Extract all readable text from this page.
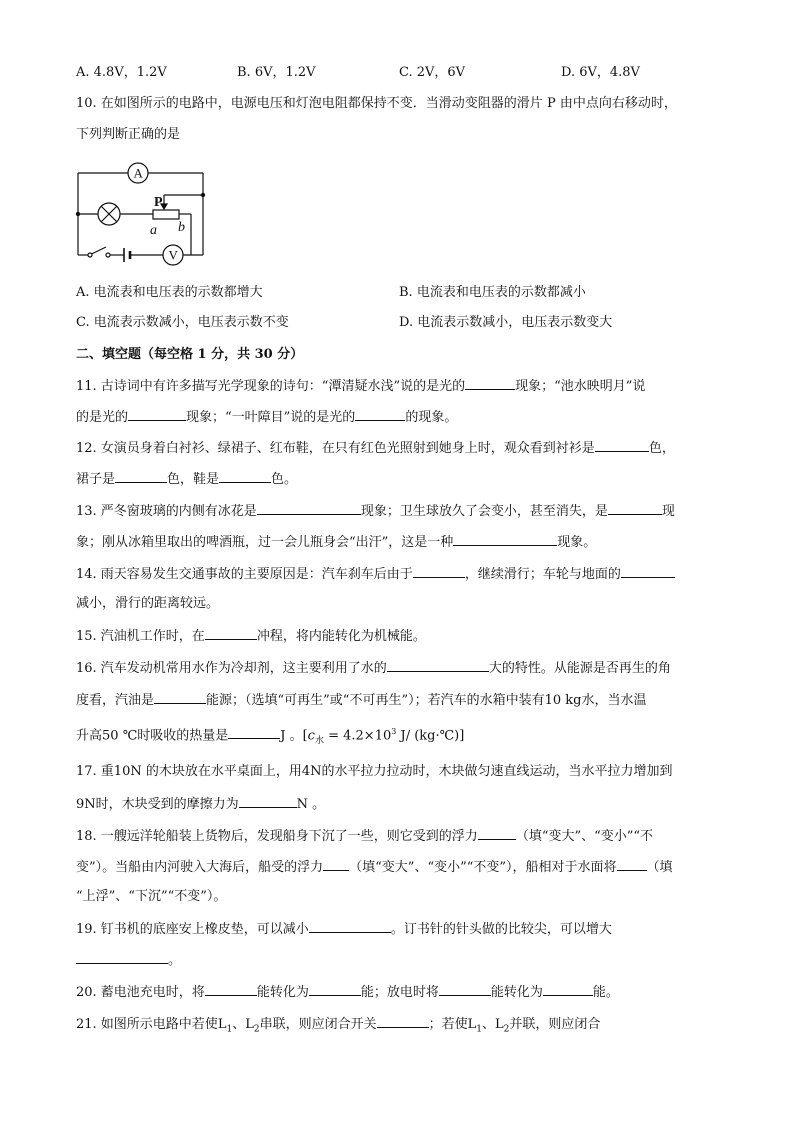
A. 4.8V，1.2V	B. 6V，1.2V	C. 2V，6V	D. 6V，4.8V
10. 在如图所示的电路中，电源电压和灯泡电阻都保持不变．当滑动变阻器的滑片 P 由中点向右移动时，
下列判断正确的是
A
V
P
a b
A. 电流表和电压表的示数都增大	B. 电流表和电压表的示数都减小
C. 电流表示数减小，电压表示数不变	D. 电流表示数减小，电压表示数变大
二、填空题（每空格 1 分，共 30 分）
11. 古诗词中有许多描写光学现象的诗句：“潭清疑水浅”说的是光的	现象；“池水映明月”说
的是光的	现象；“一叶障目”说的是光的	的现象。
12. 女演员身着白衬衫、绿裙子、红布鞋，在只有红色光照射到她身上时，观众看到衬衫是	色，
裙子是	色，鞋是	色。
13. 严冬窗玻璃的内侧有冰花是	现象；卫生球放久了会变小，甚至消失，是	现
象；刚从冰箱里取出的啤酒瓶，过一会儿瓶身会“出汗”，这是一种	现象。
14. 雨天容易发生交通事故的主要原因是：汽车刹车后由于	，继续滑行；车轮与地面的
减小，滑行的距离较远。
15. 汽油机工作时，在	冲程，将内能转化为机械能。
16. 汽车发动机常用水作为冷却剂，这主要利用了水的	大的特性。从能源是否再生的角
度看，汽油是	能源；（选填“可再生”或“不可再生”）；若汽车的水箱中装有10 kg水，当水温
升高50 ℃时吸收的热量是	J 。[$c_水 = 4.2\times 10^3$ J/ (kg·℃)]
17. 重10N 的木块放在水平桌面上，用4N的水平拉力拉动时，木块做匀速直线运动，当水平拉力增加到
9N时，木块受到的摩擦力为	N 。
18. 一艘远洋轮船装上货物后，发现船身下沉了一些，则它受到的浮力	（填“变大”、“变小”“不
变”）。当船由内河驶入大海后，船受的浮力 （填“变大”、“变小”“不变”），船相对于水面将 （填
“上浮”、“下沉”“不变”）。
19. 钉书机的底座安上橡皮垫，可以减小	。订书针的针头做的比较尖，可以增大
。
20. 蓄电池充电时，将	能转化为	能；放电时将	能转化为	能。
21. 如图所示电路中若使$L_1$、$L_2$串联，则应闭合开关	；若使$L_1$、$L_2$并联，则应闭合
